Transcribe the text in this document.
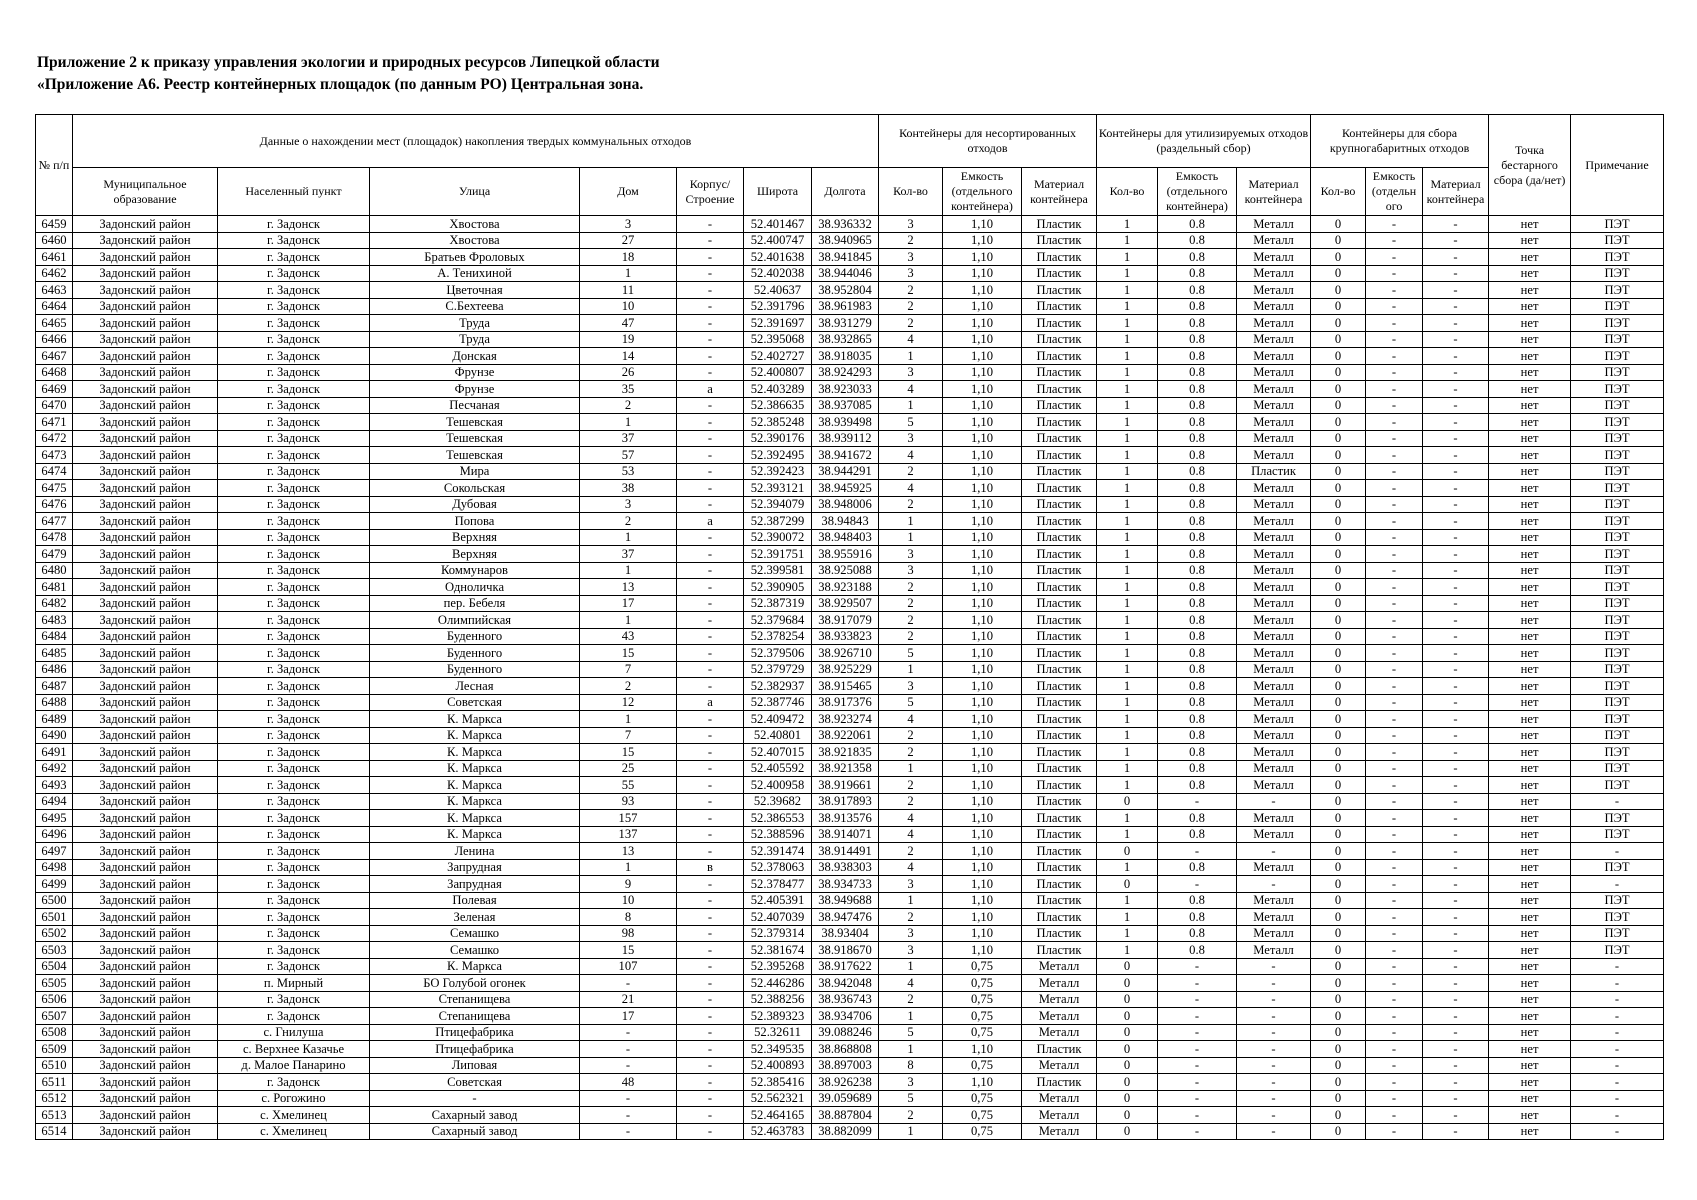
Приложение 2 к приказу управления экологии и природных ресурсов Липецкой области
«Приложение А6. Реестр контейнерных площадок (по данным РО) Центральная зона.
№ п/п	Данные о нахождении мест (площадок) накопления твердых коммунальных отходов							Контейнеры для несортированных отходов			Контейнеры для утилизируемых отходов (раздельный сбор)			Контейнеры для сбора крупногабаритных отходов			Точка бестарного сбора (да/нет)	Примечание
	Муниципальное образование	Населенный пункт	Улица	Дом	Корпус/ Строение	Широта	Долгота	Кол-во	Емкость (отдельного контейнера)	Материал контейнера	Кол-во	Емкость (отдельного контейнера)	Материал контейнера	Кол-во	Емкость (отдельн ого	Материал контейнера		
6459	Задонский район	г. Задонск	Хвостова	3	-	52.401467	38.936332	3	1,10	Пластик	1	0.8	Металл	0	-	-	нет	ПЭТ
6460	Задонский район	г. Задонск	Хвостова	27	-	52.400747	38.940965	2	1,10	Пластик	1	0.8	Металл	0	-	-	нет	ПЭТ
6461	Задонский район	г. Задонск	Братьев Фроловых	18	-	52.401638	38.941845	3	1,10	Пластик	1	0.8	Металл	0	-	-	нет	ПЭТ
6462	Задонский район	г. Задонск	А. Тенихиной	1	-	52.402038	38.944046	3	1,10	Пластик	1	0.8	Металл	0	-	-	нет	ПЭТ
6463	Задонский район	г. Задонск	Цветочная	11	-	52.40637	38.952804	2	1,10	Пластик	1	0.8	Металл	0	-	-	нет	ПЭТ
6464	Задонский район	г. Задонск	С.Бехтеева	10	-	52.391796	38.961983	2	1,10	Пластик	1	0.8	Металл	0	-	-	нет	ПЭТ
6465	Задонский район	г. Задонск	Труда	47	-	52.391697	38.931279	2	1,10	Пластик	1	0.8	Металл	0	-	-	нет	ПЭТ
6466	Задонский район	г. Задонск	Труда	19	-	52.395068	38.932865	4	1,10	Пластик	1	0.8	Металл	0	-	-	нет	ПЭТ
6467	Задонский район	г. Задонск	Донская	14	-	52.402727	38.918035	1	1,10	Пластик	1	0.8	Металл	0	-	-	нет	ПЭТ
6468	Задонский район	г. Задонск	Фрунзе	26	-	52.400807	38.924293	3	1,10	Пластик	1	0.8	Металл	0	-	-	нет	ПЭТ
6469	Задонский район	г. Задонск	Фрунзе	35	а	52.403289	38.923033	4	1,10	Пластик	1	0.8	Металл	0	-	-	нет	ПЭТ
6470	Задонский район	г. Задонск	Песчаная	2	-	52.386635	38.937085	1	1,10	Пластик	1	0.8	Металл	0	-	-	нет	ПЭТ
6471	Задонский район	г. Задонск	Тешевская	1	-	52.385248	38.939498	5	1,10	Пластик	1	0.8	Металл	0	-	-	нет	ПЭТ
6472	Задонский район	г. Задонск	Тешевская	37	-	52.390176	38.939112	3	1,10	Пластик	1	0.8	Металл	0	-	-	нет	ПЭТ
6473	Задонский район	г. Задонск	Тешевская	57	-	52.392495	38.941672	4	1,10	Пластик	1	0.8	Металл	0	-	-	нет	ПЭТ
6474	Задонский район	г. Задонск	Мира	53	-	52.392423	38.944291	2	1,10	Пластик	1	0.8	Пластик	0	-	-	нет	ПЭТ
6475	Задонский район	г. Задонск	Сокольская	38	-	52.393121	38.945925	4	1,10	Пластик	1	0.8	Металл	0	-	-	нет	ПЭТ
6476	Задонский район	г. Задонск	Дубовая	3	-	52.394079	38.948006	2	1,10	Пластик	1	0.8	Металл	0	-	-	нет	ПЭТ
6477	Задонский район	г. Задонск	Попова	2	а	52.387299	38.94843	1	1,10	Пластик	1	0.8	Металл	0	-	-	нет	ПЭТ
6478	Задонский район	г. Задонск	Верхняя	1	-	52.390072	38.948403	1	1,10	Пластик	1	0.8	Металл	0	-	-	нет	ПЭТ
6479	Задонский район	г. Задонск	Верхняя	37	-	52.391751	38.955916	3	1,10	Пластик	1	0.8	Металл	0	-	-	нет	ПЭТ
6480	Задонский район	г. Задонск	Коммунаров	1	-	52.399581	38.925088	3	1,10	Пластик	1	0.8	Металл	0	-	-	нет	ПЭТ
6481	Задонский район	г. Задонск	Одноличка	13	-	52.390905	38.923188	2	1,10	Пластик	1	0.8	Металл	0	-	-	нет	ПЭТ
6482	Задонский район	г. Задонск	пер. Бебеля	17	-	52.387319	38.929507	2	1,10	Пластик	1	0.8	Металл	0	-	-	нет	ПЭТ
6483	Задонский район	г. Задонск	Олимпийская	1	-	52.379684	38.917079	2	1,10	Пластик	1	0.8	Металл	0	-	-	нет	ПЭТ
6484	Задонский район	г. Задонск	Буденного	43	-	52.378254	38.933823	2	1,10	Пластик	1	0.8	Металл	0	-	-	нет	ПЭТ
6485	Задонский район	г. Задонск	Буденного	15	-	52.379506	38.926710	5	1,10	Пластик	1	0.8	Металл	0	-	-	нет	ПЭТ
6486	Задонский район	г. Задонск	Буденного	7	-	52.379729	38.925229	1	1,10	Пластик	1	0.8	Металл	0	-	-	нет	ПЭТ
6487	Задонский район	г. Задонск	Лесная	2	-	52.382937	38.915465	3	1,10	Пластик	1	0.8	Металл	0	-	-	нет	ПЭТ
6488	Задонский район	г. Задонск	Советская	12	а	52.387746	38.917376	5	1,10	Пластик	1	0.8	Металл	0	-	-	нет	ПЭТ
6489	Задонский район	г. Задонск	К. Маркса	1	-	52.409472	38.923274	4	1,10	Пластик	1	0.8	Металл	0	-	-	нет	ПЭТ
6490	Задонский район	г. Задонск	К. Маркса	7	-	52.40801	38.922061	2	1,10	Пластик	1	0.8	Металл	0	-	-	нет	ПЭТ
6491	Задонский район	г. Задонск	К. Маркса	15	-	52.407015	38.921835	2	1,10	Пластик	1	0.8	Металл	0	-	-	нет	ПЭТ
6492	Задонский район	г. Задонск	К. Маркса	25	-	52.405592	38.921358	1	1,10	Пластик	1	0.8	Металл	0	-	-	нет	ПЭТ
6493	Задонский район	г. Задонск	К. Маркса	55	-	52.400958	38.919661	2	1,10	Пластик	1	0.8	Металл	0	-	-	нет	ПЭТ
6494	Задонский район	г. Задонск	К. Маркса	93	-	52.39682	38.917893	2	1,10	Пластик	0	-	-	0	-	-	нет	-
6495	Задонский район	г. Задонск	К. Маркса	157	-	52.386553	38.913576	4	1,10	Пластик	1	0.8	Металл	0	-	-	нет	ПЭТ
6496	Задонский район	г. Задонск	К. Маркса	137	-	52.388596	38.914071	4	1,10	Пластик	1	0.8	Металл	0	-	-	нет	ПЭТ
6497	Задонский район	г. Задонск	Ленина	13	-	52.391474	38.914491	2	1,10	Пластик	0	-	-	0	-	-	нет	-
6498	Задонский район	г. Задонск	Запрудная	1	в	52.378063	38.938303	4	1,10	Пластик	1	0.8	Металл	0	-	-	нет	ПЭТ
6499	Задонский район	г. Задонск	Запрудная	9	-	52.378477	38.934733	3	1,10	Пластик	0	-	-	0	-	-	нет	-
6500	Задонский район	г. Задонск	Полевая	10	-	52.405391	38.949688	1	1,10	Пластик	1	0.8	Металл	0	-	-	нет	ПЭТ
6501	Задонский район	г. Задонск	Зеленая	8	-	52.407039	38.947476	2	1,10	Пластик	1	0.8	Металл	0	-	-	нет	ПЭТ
6502	Задонский район	г. Задонск	Семашко	98	-	52.379314	38.93404	3	1,10	Пластик	1	0.8	Металл	0	-	-	нет	ПЭТ
6503	Задонский район	г. Задонск	Семашко	15	-	52.381674	38.918670	3	1,10	Пластик	1	0.8	Металл	0	-	-	нет	ПЭТ
6504	Задонский район	г. Задонск	К. Маркса	107	-	52.395268	38.917622	1	0,75	Металл	0	-	-	0	-	-	нет	-
6505	Задонский район	п. Мирный	БО Голубой огонек	-	-	52.446286	38.942048	4	0,75	Металл	0	-	-	0	-	-	нет	-
6506	Задонский район	г. Задонск	Степанищева	21	-	52.388256	38.936743	2	0,75	Металл	0	-	-	0	-	-	нет	-
6507	Задонский район	г. Задонск	Степанищева	17	-	52.389323	38.934706	1	0,75	Металл	0	-	-	0	-	-	нет	-
6508	Задонский район	с. Гнилуша	Птицефабрика	-	-	52.32611	39.088246	5	0,75	Металл	0	-	-	0	-	-	нет	-
6509	Задонский район	с. Верхнее Казачье	Птицефабрика	-	-	52.349535	38.868808	1	1,10	Пластик	0	-	-	0	-	-	нет	-
6510	Задонский район	д. Малое Панарино	Липовая	-	-	52.400893	38.897003	8	0,75	Металл	0	-	-	0	-	-	нет	-
6511	Задонский район	г. Задонск	Советская	48	-	52.385416	38.926238	3	1,10	Пластик	0	-	-	0	-	-	нет	-
6512	Задонский район	с. Рогожино	-	-	-	52.562321	39.059689	5	0,75	Металл	0	-	-	0	-	-	нет	-
6513	Задонский район	с. Хмелинец	Сахарный завод	-	-	52.464165	38.887804	2	0,75	Металл	0	-	-	0	-	-	нет	-
6514	Задонский район	с. Хмелинец	Сахарный завод	-	-	52.463783	38.882099	1	0,75	Металл	0	-	-	0	-	-	нет	-
